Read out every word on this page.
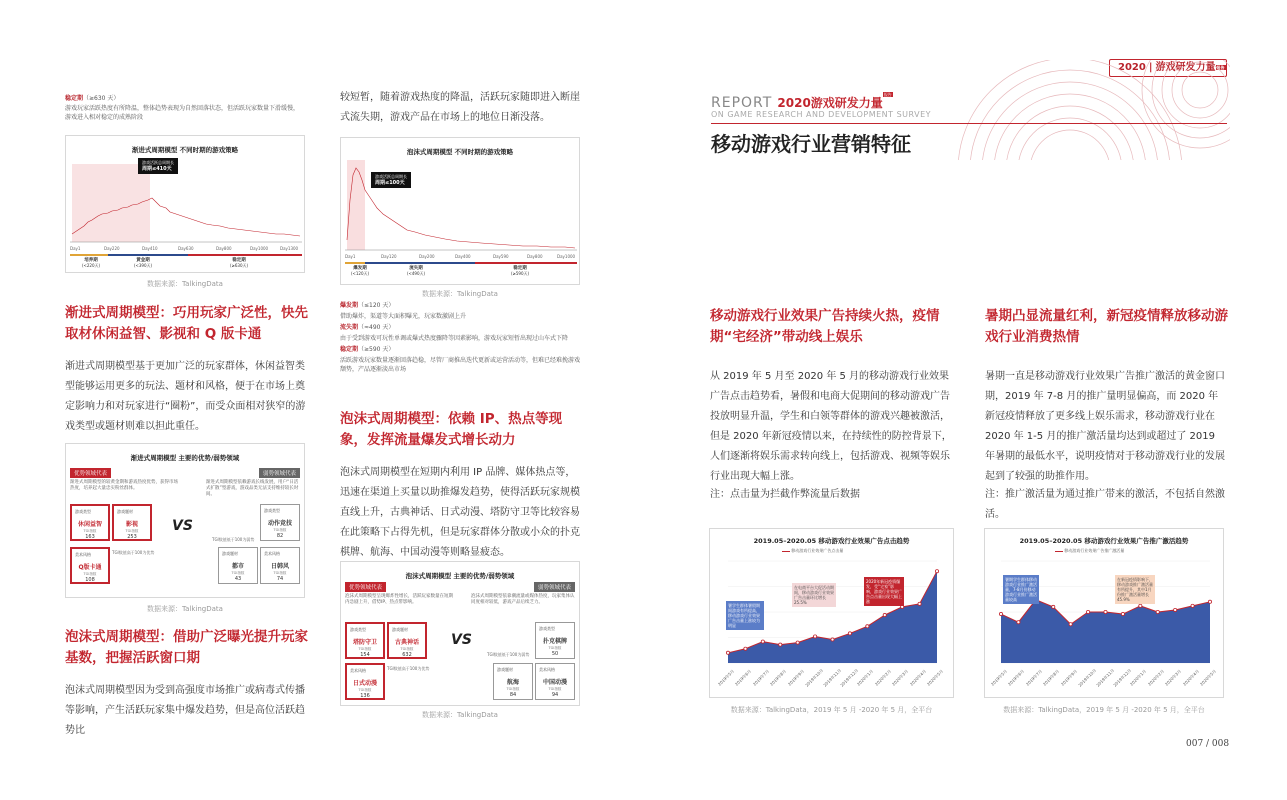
2020 | 游戏研发力量$^{报告}$
REPORT 2020游戏研发力量$^{报告}$
ON GAME RESEARCH AND DEVELOPMENT SURVEY
移动游戏行业营销特征
稳定期（≥630 天）
游戏玩家活跃热度有所降温，整体趋势表现为自然回落状态，但活跃玩家数量下滑缓慢，游戏进入相对稳定的成熟阶段
渐进式周期模型 不同时期的游戏策略
游戏活跃总周期长
周期≤410天
Day1	Day220	Day410	Day630	Day800	Day1000	Day1300
培养期
(<220天)
黄金期
(<390天)
稳定期
(≥630天)
数据来源：TalkingData
渐进式周期模型：巧用玩家广泛性，快先取材休闲益智、影视和 Q 版卡通
渐进式周期模型基于更加广泛的玩家群体，休闲益智类型能够运用更多的玩法、题材和风格，便于在市场上奠定影响力和对玩家进行“圈粉”，而受众面相对狭窄的游戏类型或题材则难以担此重任。
渐进式周期模型 主要的优势/弱势领域
优势领域代表	弱势领域代表
渐进式周期模型的较黄金期和游戏热度优势，获得市场热度，培养起大量忠实粉丝群体。
渐进式周期模型依赖游戏长线发展，用户“日活式扩散”型游戏，游戏品类无法支持维持较长时间。
游戏类型
休闲益智
TGI指数
163
游戏题材
影视
TGI指数
253
美术风格
Q版卡通
TGI指数
108
VS
游戏类型
动作竞技
TGI指数
82
游戏题材
都市
TGI指数
43
美术风格
日韩风
TGI指数
74
TGI数值高于100为优势
TGI数值低于100为弱势
数据来源：TalkingData
泡沫式周期模型：借助广泛曝光提升玩家基数，把握活跃窗口期
泡沫式周期模型因为受到高强度市场推广或病毒式传播等影响，产生活跃玩家集中爆发趋势，但是高位活跃趋势比
较短暂，随着游戏热度的降温，活跃玩家随即进入断崖式流失期，游戏产品在市场上的地位日渐没落。
泡沫式周期模型 不同时期的游戏策略
游戏活跃总周期长
周期≤100天
Day1	Day120	Day200	Day400	Day590	Day800	Day1000
爆发期
(<120天)
流失期
(<490天)
稳定期
(≥590天)
数据来源：TalkingData
爆发期（≤120 天）
借助爆炸，渠道等大面积曝光，玩家数激剧上升
流失期（≈490 天）
由于受到游戏可玩性单调或爆式热度骤降等因素影响，游戏玩家短暂出现过山车式下降
稳定期（≥590 天）
活跃游戏玩家数量逐渐回落趋稳，尽管厂商推出迭代更新或运营活动等，但难已经难挽游戏颓势，产品逐渐淡出市场
泡沫式周期模型：依赖 IP、热点等现象，发挥流量爆发式增长动力
泡沫式周期模型在短期内利用 IP 品牌、媒体热点等，迅速在渠道上买量以助推爆发趋势，使得活跃玩家规模直线上升，古典神话、日式动漫、塔防守卫等比较容易在此策略下占得先机，但是玩家群体分散或小众的扑克棋牌、航海、中国动漫等则略显疲态。
泡沫式周期模型 主要的优势/弱势领域
优势领域代表	弱势领域代表
泡沫式周期模型呈现爆炸性增长，活跃玩家数量在短期内急剧上升，借势IP、热点带影响。
泡沫式周期模型依靠潮流量或媒体热度，玩家集体认同度相对较低，游戏产品后续乏力。
游戏类型
塔防守卫
TGI指数
154
游戏题材
古典神话
TGI指数
632
美术风格
日式动漫
TGI指数
136
VS
游戏类型
扑克棋牌
TGI指数
50
游戏题材
航海
TGI指数
84
美术风格
中国动漫
TGI指数
94
TGI数值高于100为优势
TGI数值低于100为弱势
数据来源：TalkingData
移动游戏行业效果广告持续火热，疫情期“宅经济”带动线上娱乐
从 2019 年 5 月至 2020 年 5 月的移动游戏行业效果广告点击趋势看，暑假和电商大促期间的移动游戏广告投放明显升温，学生和白领等群体的游戏兴趣被激活，但是 2020 年新冠疫情以来，在持续性的防控背景下，人们逐渐将娱乐需求转向线上，包括游戏、视频等娱乐行业出现大幅上涨。
注：点击量为拦截作弊流量后数据
2019.05–2020.05 移动游戏行业效果广告点击趋势
移动游戏行业效果广告点击量
暑学生群体暑假期间游戏有所提高，移动游戏行业效果广告击量上涨较为明显
在电商平台大促活动期间，移动游戏行业效果广告击量环比增长25.5%
2020年新冠疫情爆发，受“宅家”影响，游戏行业效果广告点击量出现大幅上涨
2019年5月 2019年6月 2019年7月 2019年8月 2019年9月 2019年10月
2019年11月
2019年12月
2020年1月 2020年2月 2020年3月 2020年4月 2020年5月
数据来源：TalkingData，2019 年 5 月 -2020 年 5 月，全平台
暑期凸显流量红利，新冠疫情释放移动游戏行业消费热情
暑期一直是移动游戏行业效果广告推广激活的黄金窗口期，2019 年 7-8 月的推广量明显偏高，而 2020 年新冠疫情释放了更多线上娱乐需求，移动游戏行业在 2020 年 1-5 月的推广激活量均达到或超过了 2019 年暑期的最低水平，说明疫情对于移动游戏行业的发展起到了较强的助推作用。
注：推广激活量为通过推广带来的激活，不包括自然激活。
2019.05–2020.05 移动游戏行业效果广告推广激活趋势
移动游戏行业效果广告推广激活量
暑期学生群体移动游戏行业推广激活量，7-8月份移动游戏行业推广激活量较高
在新冠疫情影响下，移动游戏推广激活量有所提升，其中1月份推广激活量增长45.9%
2019年5月 2019年6月 2019年7月 2019年8月 2019年9月 2019年10月
2019年11月
2019年12月
2020年1月 2020年2月 2020年3月 2020年4月 2020年5月
数据来源：TalkingData，2019 年 5 月 -2020 年 5 月，全平台
007 / 008
